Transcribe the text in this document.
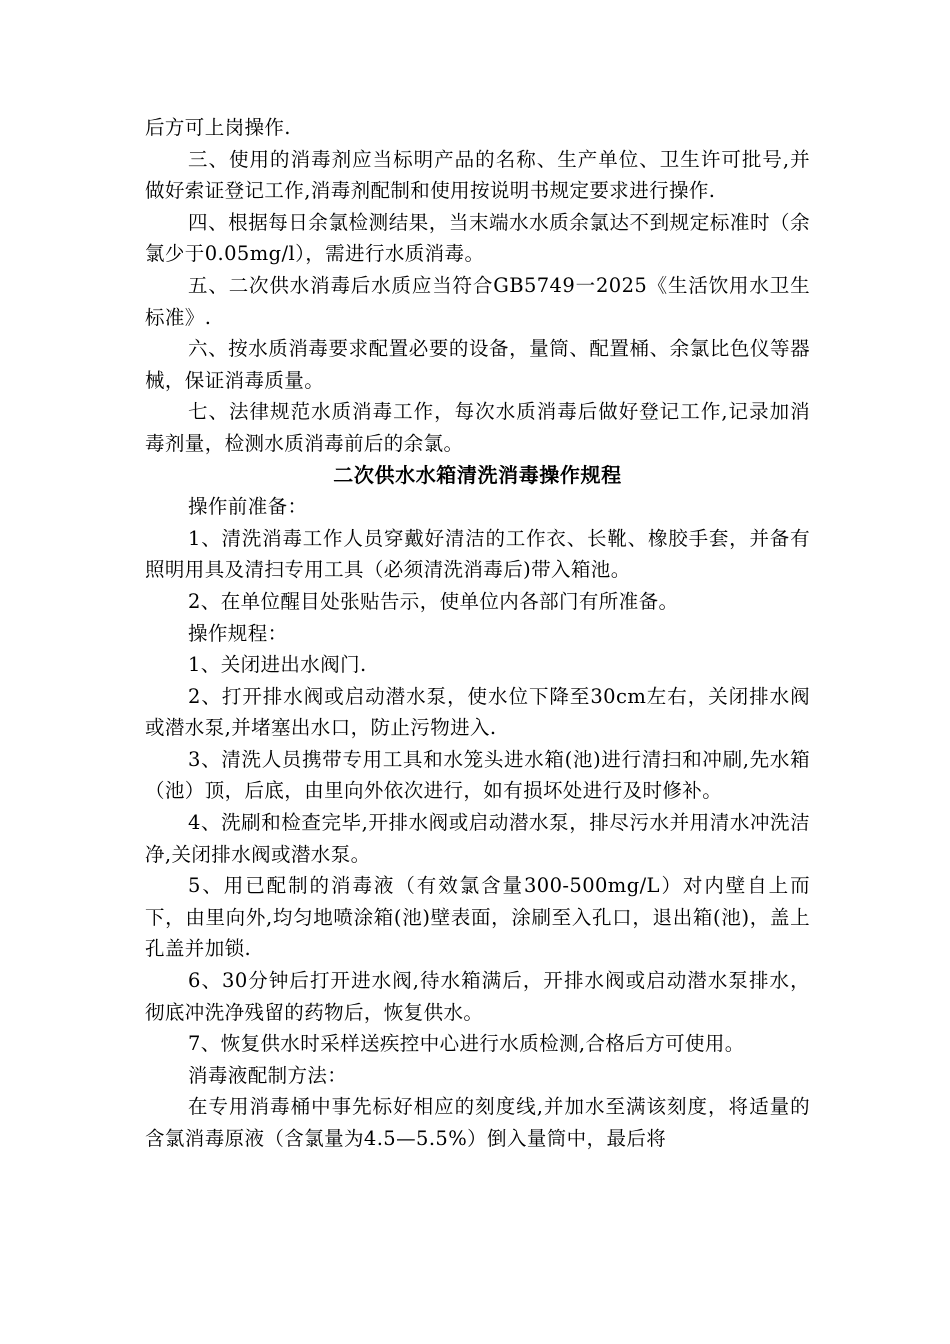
后方可上岗操作.

三、使用的消毒剂应当标明产品的名称、生产单位、卫生许可批号,并做好索证登记工作,消毒剂配制和使用按说明书规定要求进行操作.

四、根据每日余氯检测结果，当末端水水质余氯达不到规定标准时（余氯少于0.05mg/l），需进行水质消毒。

五、二次供水消毒后水质应当符合GB5749一2025《生活饮用水卫生标准》.

六、按水质消毒要求配置必要的设备，量筒、配置桶、余氯比色仪等器械，保证消毒质量。

七、法律规范水质消毒工作，每次水质消毒后做好登记工作,记录加消毒剂量，检测水质消毒前后的余氯。

二次供水水箱清洗消毒操作规程

操作前准备：

1、清洗消毒工作人员穿戴好清洁的工作衣、长靴、橡胶手套，并备有照明用具及清扫专用工具（必须清洗消毒后)带入箱池。

2、在单位醒目处张贴告示，使单位内各部门有所准备。

操作规程：

1、关闭进出水阀门.

2、打开排水阀或启动潜水泵，使水位下降至30cm左右，关闭排水阀或潜水泵,并堵塞出水口，防止污物进入.

3、清洗人员携带专用工具和水笼头进水箱(池)进行清扫和冲刷,先水箱（池）顶，后底，由里向外依次进行，如有损坏处进行及时修补。

4、洗刷和检查完毕,开排水阀或启动潜水泵，排尽污水并用清水冲洗洁净,关闭排水阀或潜水泵。

5、用已配制的消毒液（有效氯含量300-500mg/L）对内壁自上而下，由里向外,均匀地喷涂箱(池)壁表面，涂刷至入孔口，退出箱(池)，盖上孔盖并加锁.

6、30分钟后打开进水阀,待水箱满后，开排水阀或启动潜水泵排水，彻底冲洗净残留的药物后，恢复供水。

7、恢复供水时采样送疾控中心进行水质检测,合格后方可使用。

消毒液配制方法：

在专用消毒桶中事先标好相应的刻度线,并加水至满该刻度，将适量的含氯消毒原液（含氯量为4.5—5.5%）倒入量筒中，最后将
